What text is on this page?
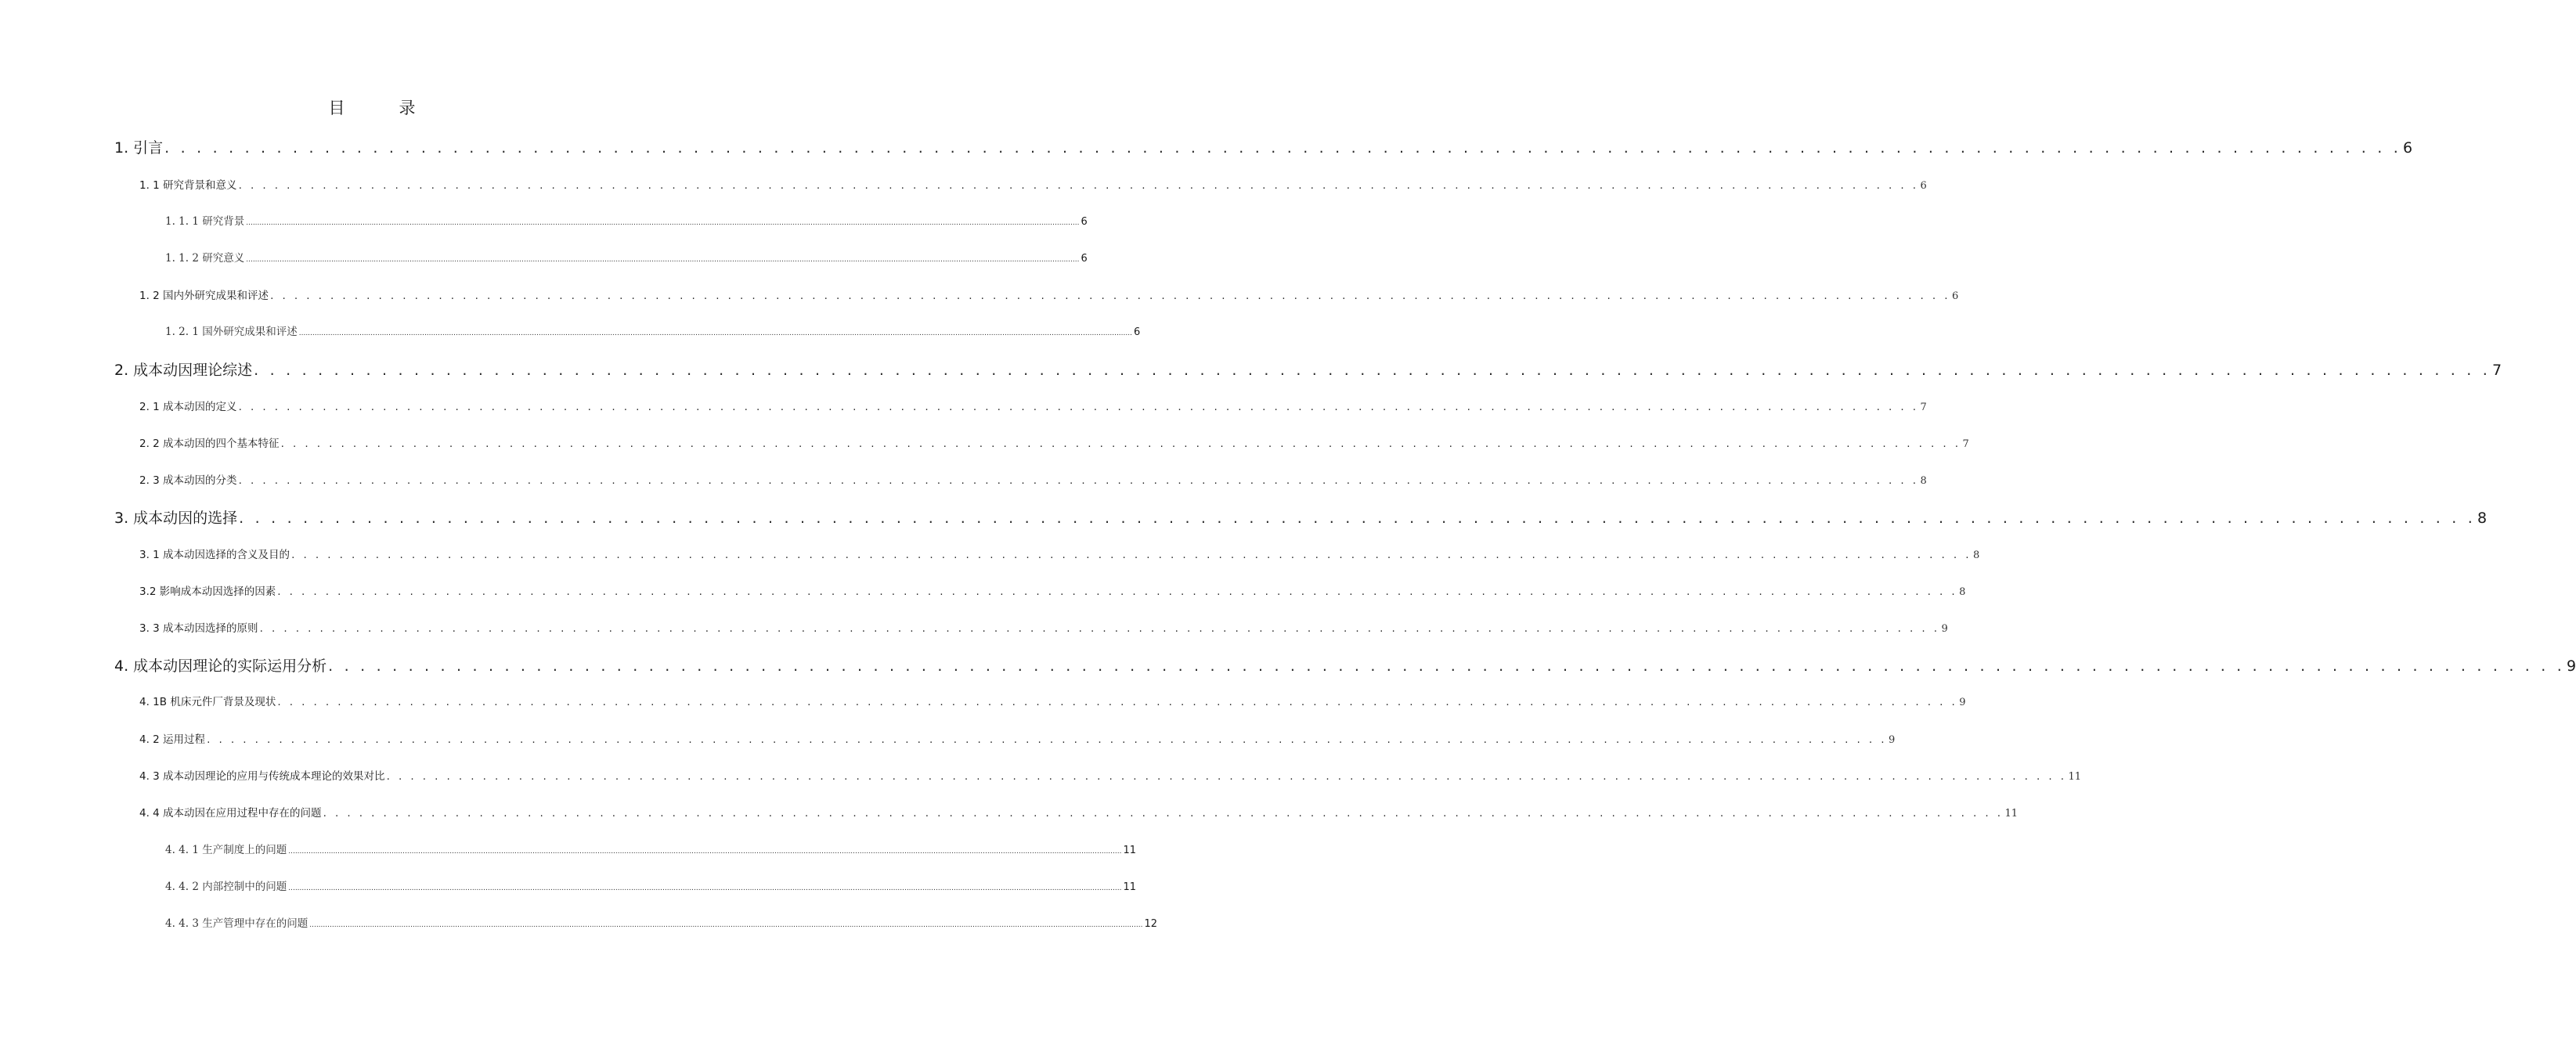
目　录
1. 引言 . . . . . . . . . . . . . . . . . . . . . . . . . . . . . . . . . . . . . . . . . . . . . . . . . . . . . . . . . . . . . . . . . . . . . . . . . . . . . . . . . . . . . . . . . . . . . . . . . . . . . . . . . . . . . . . . . . . . . . . . . . . . . . . . . . . . . . . . . . . . 6
1. 1 研究背景和意义 . . . . . . . . . . . . . . . . . . . . . . . . . . . . . . . . . . . . . . . . . . . . . . . . . . . . . . . . . . . . . . . . . . . . . . . . . . . . . . . . . . . . . . . . . . . . . . . . . . . . . . . . . . . . . . . . . . . . . . . . . . . . . . . . . . . . . . . . . . . . 6
1. 1. 1 研究背景 .................................................................................................................................................................................................................................................................................................................................................................................... 6
1. 1. 2 研究意义 .................................................................................................................................................................................................................................................................................................................................................................................... 6
1. 2 国内外研究成果和评述 . . . . . . . . . . . . . . . . . . . . . . . . . . . . . . . . . . . . . . . . . . . . . . . . . . . . . . . . . . . . . . . . . . . . . . . . . . . . . . . . . . . . . . . . . . . . . . . . . . . . . . . . . . . . . . . . . . . . . . . . . . . . . . . . . . . . . . . . . . . . 6
1. 2. 1 国外研究成果和评述 .................................................................................................................................................................................................................................................................................................................................................................................... 6
2. 成本动因理论综述 . . . . . . . . . . . . . . . . . . . . . . . . . . . . . . . . . . . . . . . . . . . . . . . . . . . . . . . . . . . . . . . . . . . . . . . . . . . . . . . . . . . . . . . . . . . . . . . . . . . . . . . . . . . . . . . . . . . . . . . . . . . . . . . . . . . . . . . . . . . . 7
2. 1 成本动因的定义 . . . . . . . . . . . . . . . . . . . . . . . . . . . . . . . . . . . . . . . . . . . . . . . . . . . . . . . . . . . . . . . . . . . . . . . . . . . . . . . . . . . . . . . . . . . . . . . . . . . . . . . . . . . . . . . . . . . . . . . . . . . . . . . . . . . . . . . . . . . . 7
2. 2 成本动因的四个基本特征 . . . . . . . . . . . . . . . . . . . . . . . . . . . . . . . . . . . . . . . . . . . . . . . . . . . . . . . . . . . . . . . . . . . . . . . . . . . . . . . . . . . . . . . . . . . . . . . . . . . . . . . . . . . . . . . . . . . . . . . . . . . . . . . . . . . . . . . . . . . . 7
2. 3 成本动因的分类 . . . . . . . . . . . . . . . . . . . . . . . . . . . . . . . . . . . . . . . . . . . . . . . . . . . . . . . . . . . . . . . . . . . . . . . . . . . . . . . . . . . . . . . . . . . . . . . . . . . . . . . . . . . . . . . . . . . . . . . . . . . . . . . . . . . . . . . . . . . . 8
3. 成本动因的选择 . . . . . . . . . . . . . . . . . . . . . . . . . . . . . . . . . . . . . . . . . . . . . . . . . . . . . . . . . . . . . . . . . . . . . . . . . . . . . . . . . . . . . . . . . . . . . . . . . . . . . . . . . . . . . . . . . . . . . . . . . . . . . . . . . . . . . . . . . . . . 8
3. 1 成本动因选择的含义及目的 . . . . . . . . . . . . . . . . . . . . . . . . . . . . . . . . . . . . . . . . . . . . . . . . . . . . . . . . . . . . . . . . . . . . . . . . . . . . . . . . . . . . . . . . . . . . . . . . . . . . . . . . . . . . . . . . . . . . . . . . . . . . . . . . . . . . . . . . . . . . 8
3.2 影响成本动因选择的因素 . . . . . . . . . . . . . . . . . . . . . . . . . . . . . . . . . . . . . . . . . . . . . . . . . . . . . . . . . . . . . . . . . . . . . . . . . . . . . . . . . . . . . . . . . . . . . . . . . . . . . . . . . . . . . . . . . . . . . . . . . . . . . . . . . . . . . . . . . . . . 8
3. 3 成本动因选择的原则 . . . . . . . . . . . . . . . . . . . . . . . . . . . . . . . . . . . . . . . . . . . . . . . . . . . . . . . . . . . . . . . . . . . . . . . . . . . . . . . . . . . . . . . . . . . . . . . . . . . . . . . . . . . . . . . . . . . . . . . . . . . . . . . . . . . . . . . . . . . . 9
4. 成本动因理论的实际运用分析 . . . . . . . . . . . . . . . . . . . . . . . . . . . . . . . . . . . . . . . . . . . . . . . . . . . . . . . . . . . . . . . . . . . . . . . . . . . . . . . . . . . . . . . . . . . . . . . . . . . . . . . . . . . . . . . . . . . . . . . . . . . . . . . . . . . . . . . . . . . . 9
4. 1B 机床元件厂背景及现状 . . . . . . . . . . . . . . . . . . . . . . . . . . . . . . . . . . . . . . . . . . . . . . . . . . . . . . . . . . . . . . . . . . . . . . . . . . . . . . . . . . . . . . . . . . . . . . . . . . . . . . . . . . . . . . . . . . . . . . . . . . . . . . . . . . . . . . . . . . . . 9
4. 2 运用过程 . . . . . . . . . . . . . . . . . . . . . . . . . . . . . . . . . . . . . . . . . . . . . . . . . . . . . . . . . . . . . . . . . . . . . . . . . . . . . . . . . . . . . . . . . . . . . . . . . . . . . . . . . . . . . . . . . . . . . . . . . . . . . . . . . . . . . . . . . . . . 9
4. 3 成本动因理论的应用与传统成本理论的效果对比 . . . . . . . . . . . . . . . . . . . . . . . . . . . . . . . . . . . . . . . . . . . . . . . . . . . . . . . . . . . . . . . . . . . . . . . . . . . . . . . . . . . . . . . . . . . . . . . . . . . . . . . . . . . . . . . . . . . . . . . . . . . . . . . . . . . . . . . . . . . . 11
4. 4 成本动因在应用过程中存在的问题 . . . . . . . . . . . . . . . . . . . . . . . . . . . . . . . . . . . . . . . . . . . . . . . . . . . . . . . . . . . . . . . . . . . . . . . . . . . . . . . . . . . . . . . . . . . . . . . . . . . . . . . . . . . . . . . . . . . . . . . . . . . . . . . . . . . . . . . . . . . . 11
4. 4. 1 生产制度上的问题 .................................................................................................................................................................................................................................................................................................................................................................................... 11
4. 4. 2 内部控制中的问题 .................................................................................................................................................................................................................................................................................................................................................................................... 11
4. 4. 3 生产管理中存在的问题 .................................................................................................................................................................................................................................................................................................................................................................................... 12
